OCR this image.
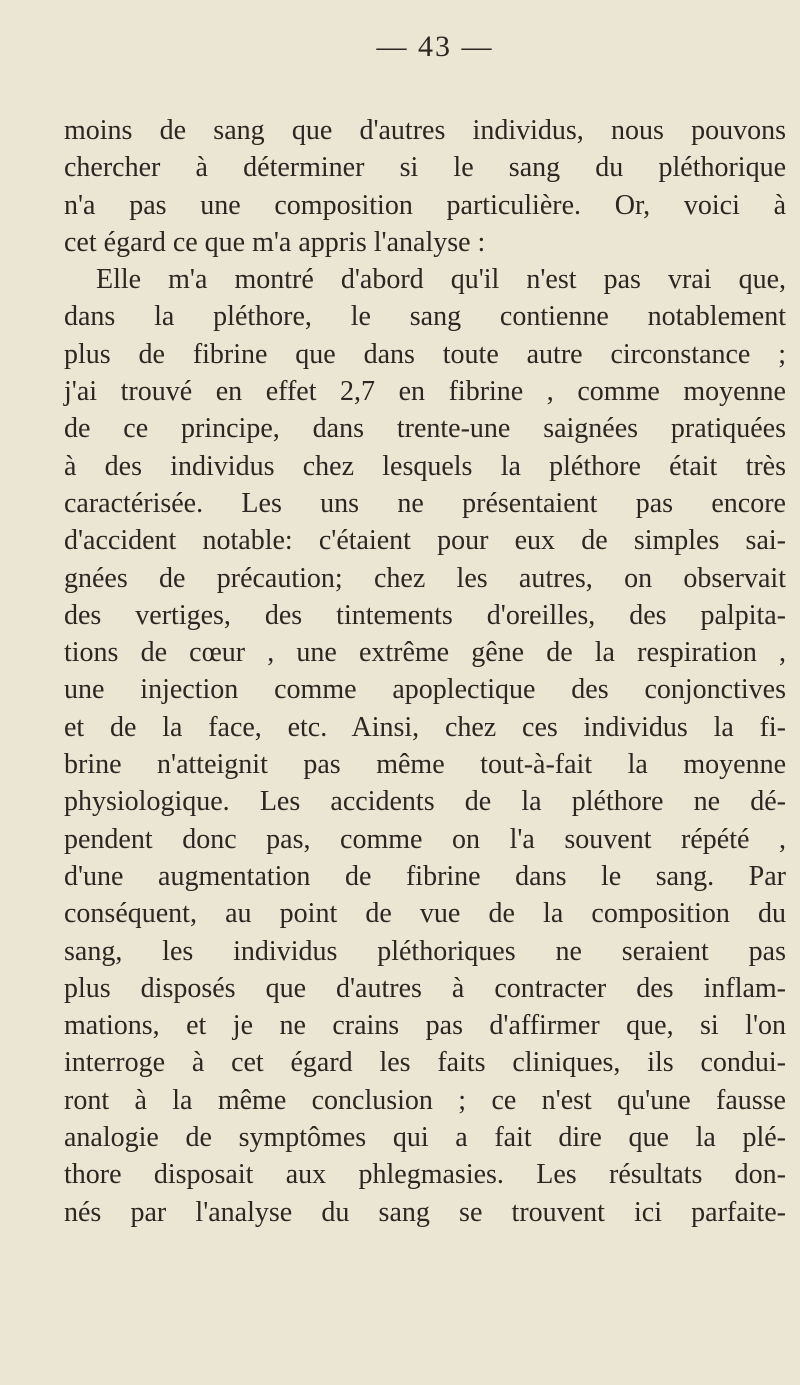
— 43 —
moins de sang que d'autres individus, nous pouvons
chercher à déterminer si le sang du pléthorique
n'a pas une composition particulière. Or, voici à
cet égard ce que m'a appris l'analyse :
Elle m'a montré d'abord qu'il n'est pas vrai que,
dans la pléthore, le sang contienne notablement
plus de fibrine que dans toute autre circonstance ;
j'ai trouvé en effet 2,7 en fibrine , comme moyenne
de ce principe, dans trente-une saignées pratiquées
à des individus chez lesquels la pléthore était très
caractérisée. Les uns ne présentaient pas encore
d'accident notable: c'étaient pour eux de simples sai-
gnées de précaution; chez les autres, on observait
des vertiges, des tintements d'oreilles, des palpita-
tions de cœur , une extrême gêne de la respiration ,
une injection comme apoplectique des conjonctives
et de la face, etc. Ainsi, chez ces individus la fi-
brine n'atteignit pas même tout-à-fait la moyenne
physiologique. Les accidents de la pléthore ne dé-
pendent donc pas, comme on l'a souvent répété ,
d'une augmentation de fibrine dans le sang. Par
conséquent, au point de vue de la composition du
sang, les individus pléthoriques ne seraient pas
plus disposés que d'autres à contracter des inflam-
mations, et je ne crains pas d'affirmer que, si l'on
interroge à cet égard les faits cliniques, ils condui-
ront à la même conclusion ; ce n'est qu'une fausse
analogie de symptômes qui a fait dire que la plé-
thore disposait aux phlegmasies. Les résultats don-
nés par l'analyse du sang se trouvent ici parfaite-
